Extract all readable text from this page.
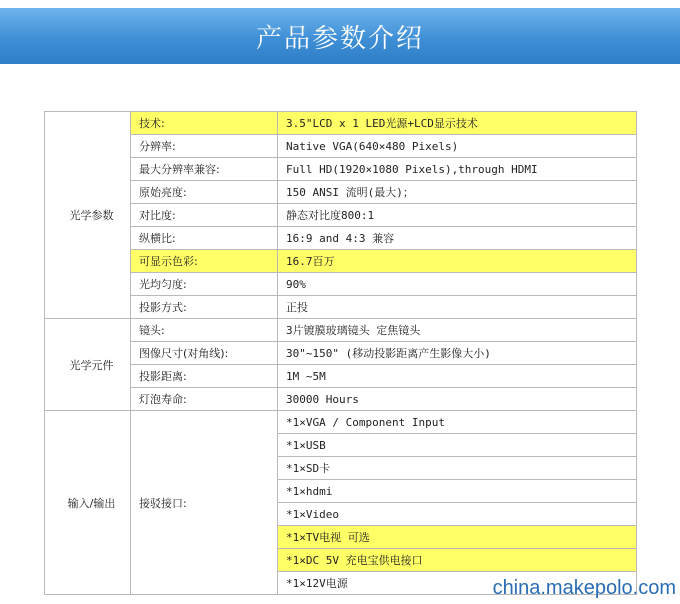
产品参数介绍
光学参数	技术:	3.5"LCD x 1 LED光源+LCD显示技术
	分辨率:	Native VGA(640×480 Pixels)
	最大分辨率兼容:	Full HD(1920×1080 Pixels),through HDMI
	原始亮度:	150 ANSI 流明(最大)；
	对比度:	静态对比度800:1
	纵横比:	16:9 and 4:3 兼容
	可显示色彩:	16.7百万
	光均匀度:	90%
	投影方式:	正投
光学元件	镜头:	3片镀膜玻璃镜头 定焦镜头
	图像尺寸(对角线):	30"~150" (移动投影距离产生影像大小)
	投影距离:	1M ~5M
	灯泡寿命:	30000 Hours
输入/输出	接驳接口:	*1×VGA / Component Input
		*1×USB
		*1×SD卡
		*1×hdmi
		*1×Video
		*1×TV电视 可选
		*1×DC 5V 充电宝供电接口
		*1×12V电源	china.makepolo.com
